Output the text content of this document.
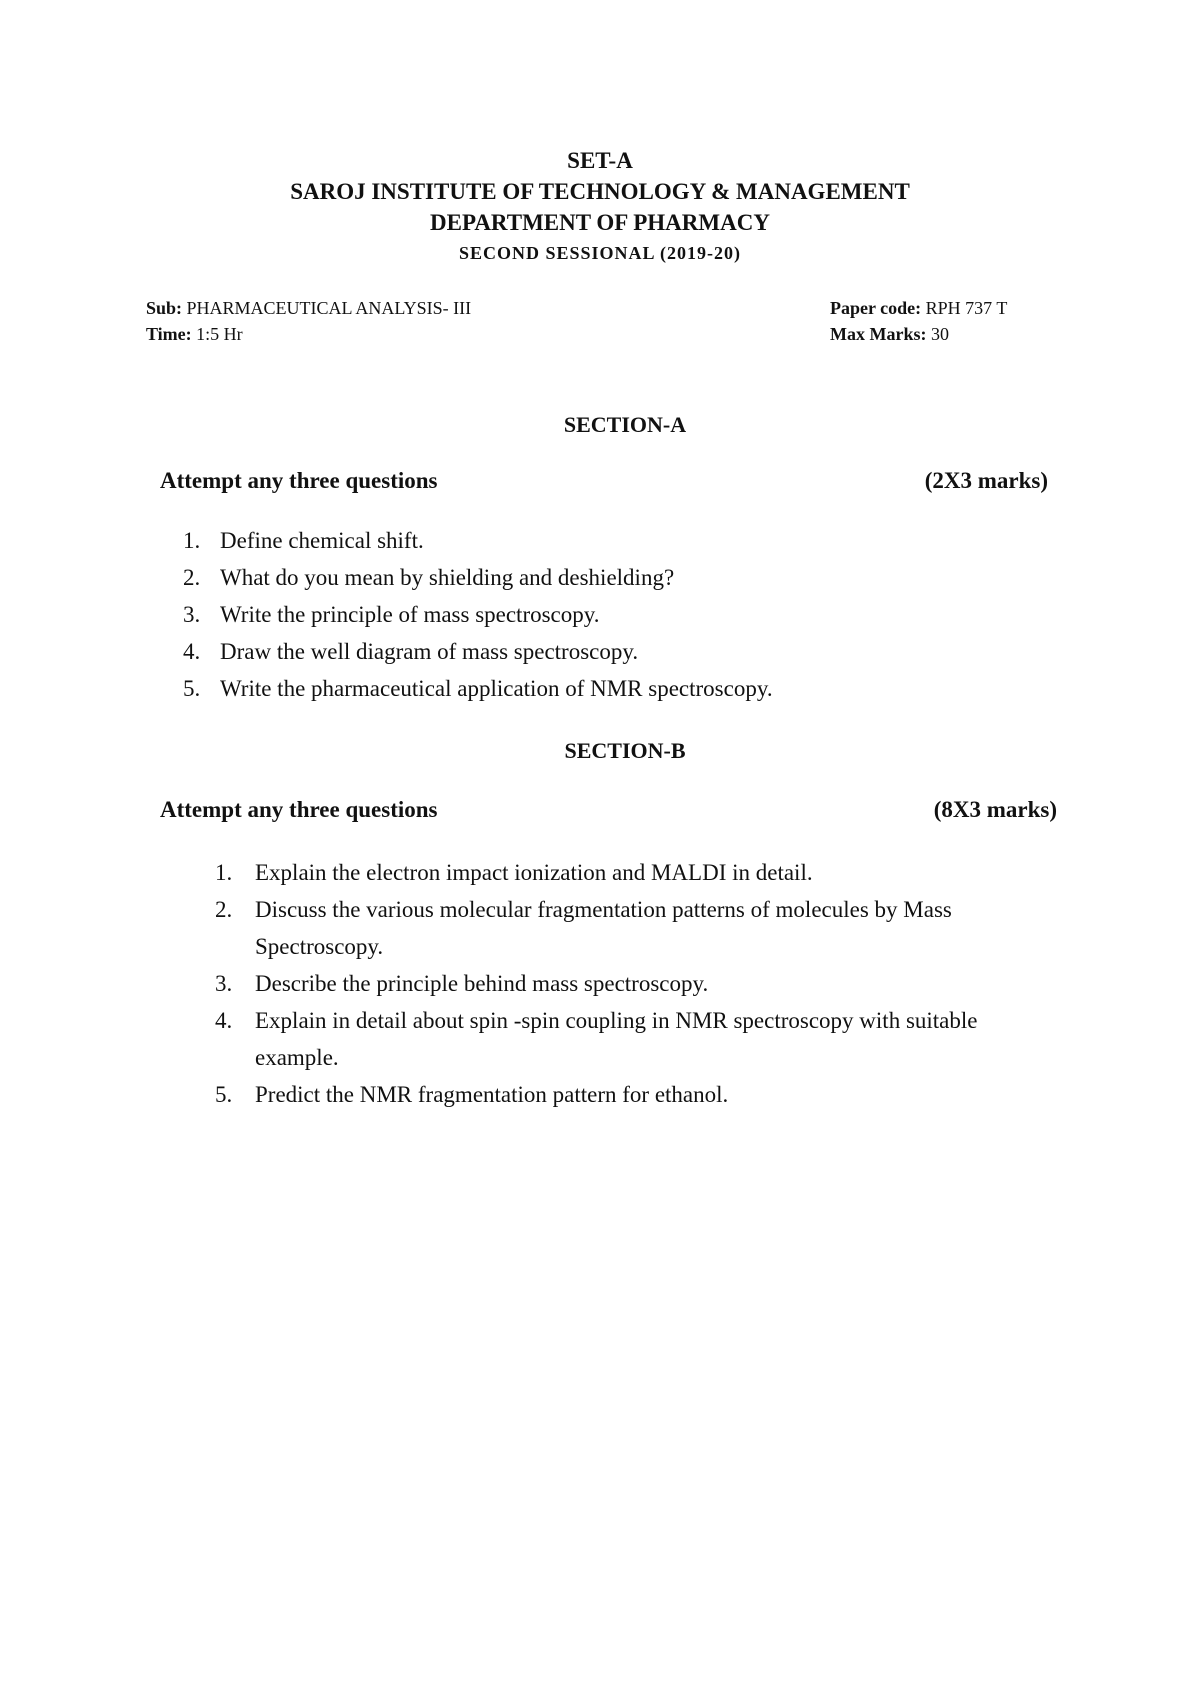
SET-A
SAROJ INSTITUTE OF TECHNOLOGY & MANAGEMENT
DEPARTMENT OF PHARMACY
SECOND SESSIONAL (2019-20)
Sub: PHARMACEUTICAL ANALYSIS- III
Time: 1:5 Hr
Paper code: RPH 737 T
Max Marks: 30
SECTION-A
Attempt any three questions	(2X3 marks)
1. Define chemical shift.
2. What do you mean by shielding and deshielding?
3. Write the principle of mass spectroscopy.
4. Draw the well diagram of mass spectroscopy.
5. Write the pharmaceutical application of NMR spectroscopy.
SECTION-B
Attempt any three questions	(8X3 marks)
1. Explain the electron impact ionization and MALDI in detail.
2. Discuss the various molecular fragmentation patterns of molecules by Mass Spectroscopy.
3. Describe the principle behind mass spectroscopy.
4. Explain in detail about spin -spin coupling in NMR spectroscopy with suitable example.
5. Predict the NMR fragmentation pattern for ethanol.
